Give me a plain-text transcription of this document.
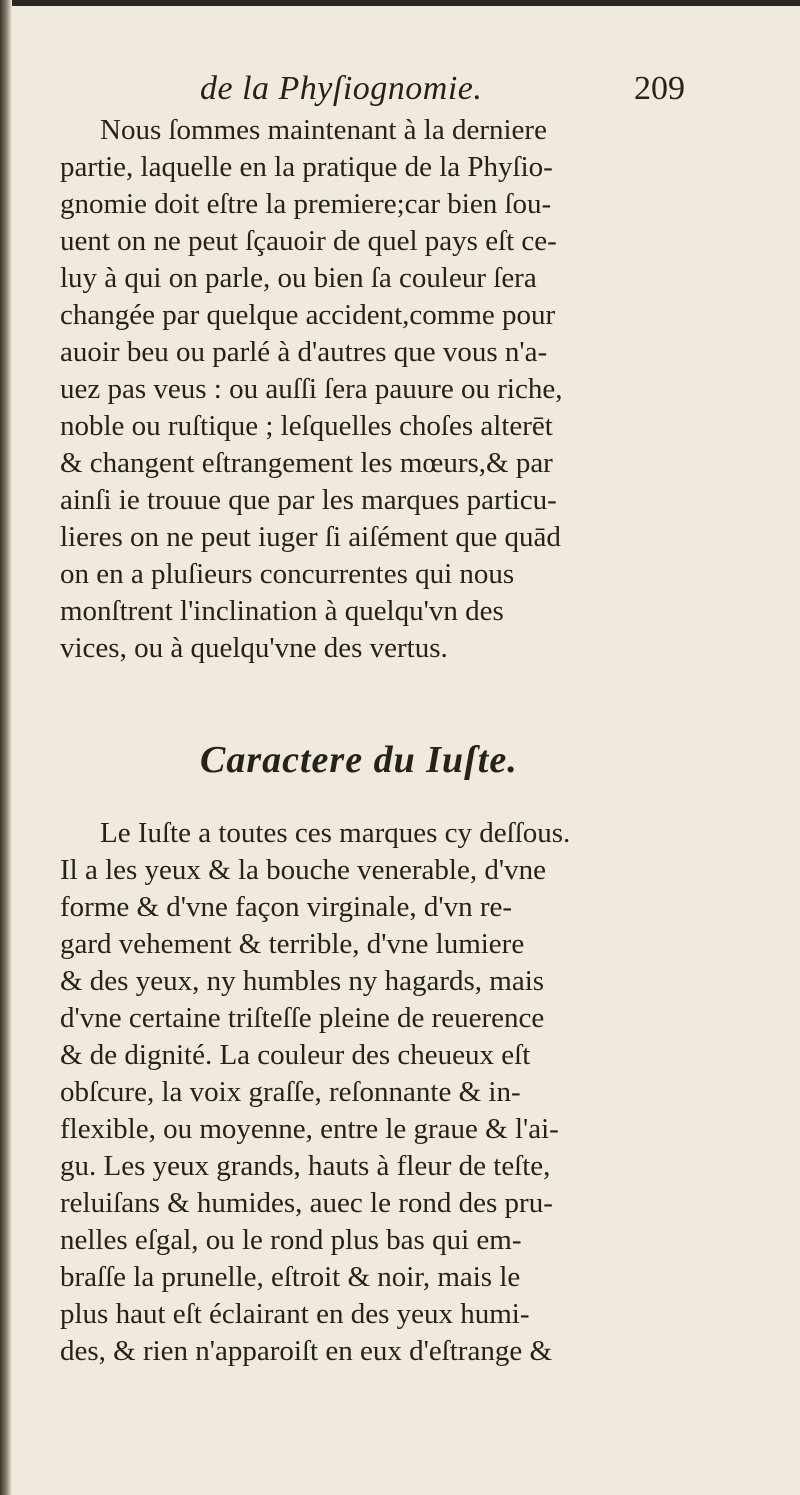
de la Phyſiognomie.	209
Nous ſommes maintenant à la derniere
partie, laquelle en la pratique de la Phyſio-
gnomie doit eſtre la premiere;car bien ſou-
uent on ne peut ſçauoir de quel pays eſt ce-
luy à qui on parle, ou bien ſa couleur ſera
changée par quelque accident,comme pour
auoir beu ou parlé à d'autres que vous n'a-
uez pas veus : ou auſſi ſera pauure ou riche,
noble ou ruſtique ; leſquelles choſes alterēt
& changent eſtrangement les mœurs,& par
ainſi ie trouue que par les marques particu-
lieres on ne peut iuger ſi aiſément que quād
on en a pluſieurs concurrentes qui nous
monſtrent l'inclination à quelqu'vn des
vices, ou à quelqu'vne des vertus.
Caractere du Iuſte.
Le Iuſte a toutes ces marques cy deſſous.
Il a les yeux & la bouche venerable, d'vne
forme & d'vne façon virginale, d'vn re-
gard vehement & terrible, d'vne lumiere
& des yeux, ny humbles ny hagards, mais
d'vne certaine triſteſſe pleine de reuerence
& de dignité. La couleur des cheueux eſt
obſcure, la voix graſſe, reſonnante & in-
flexible, ou moyenne, entre le graue & l'ai-
gu. Les yeux grands, hauts à fleur de teſte,
reluiſans & humides, auec le rond des pru-
nelles eſgal, ou le rond plus bas qui em-
braſſe la prunelle, eſtroit & noir, mais le
plus haut eſt éclairant en des yeux humi-
des, & rien n'apparoiſt en eux d'eſtrange &
